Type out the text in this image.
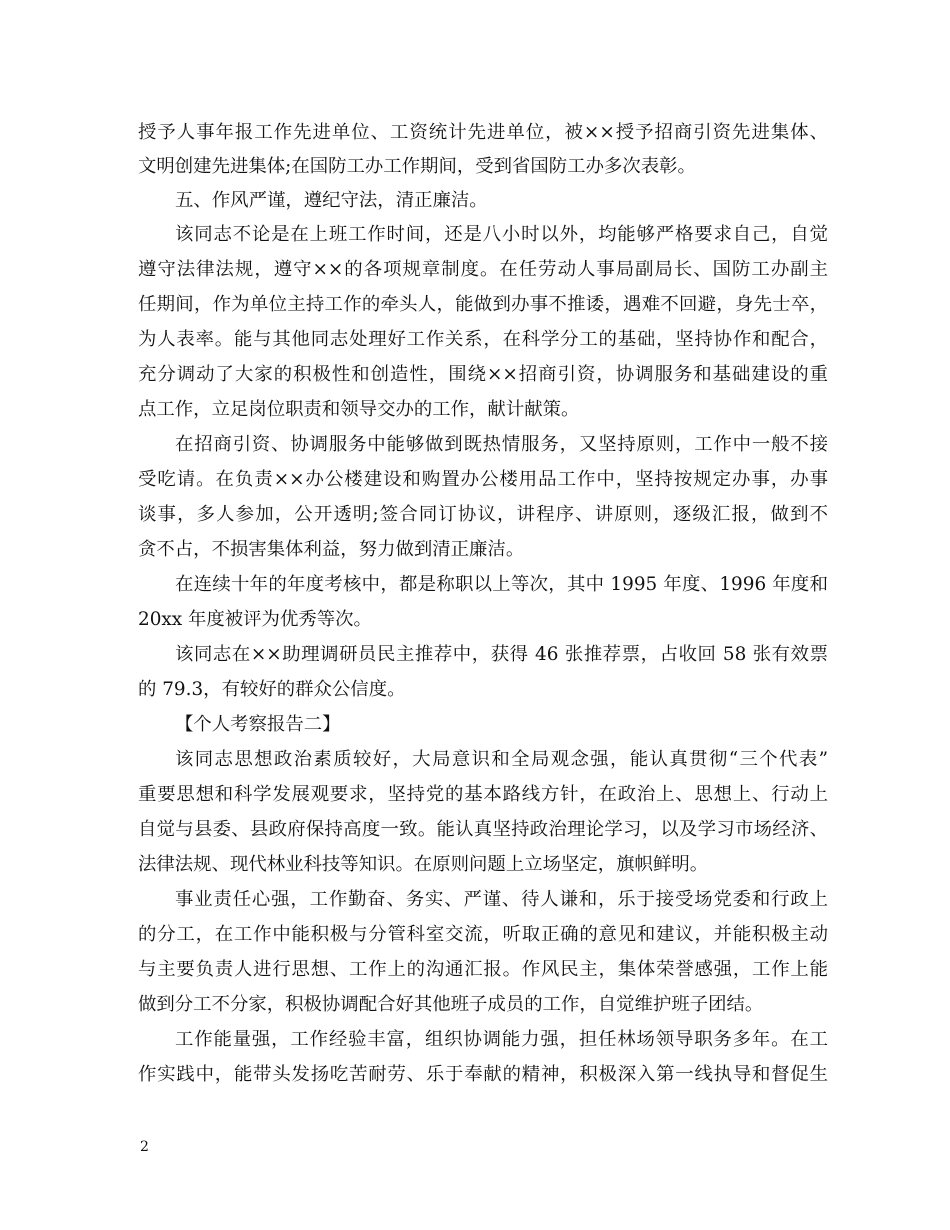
授予人事年报工作先进单位、工资统计先进单位，被××授予招商引资先进集体、
文明创建先进集体;在国防工办工作期间，受到省国防工办多次表彰。
五、作风严谨，遵纪守法，清正廉洁。
该同志不论是在上班工作时间，还是八小时以外，均能够严格要求自己，自觉
遵守法律法规，遵守××的各项规章制度。在任劳动人事局副局长、国防工办副主
任期间，作为单位主持工作的牵头人，能做到办事不推诿，遇难不回避，身先士卒，
为人表率。能与其他同志处理好工作关系，在科学分工的基础，坚持协作和配合，
充分调动了大家的积极性和创造性，围绕××招商引资，协调服务和基础建设的重
点工作，立足岗位职责和领导交办的工作，献计献策。
在招商引资、协调服务中能够做到既热情服务，又坚持原则，工作中一般不接
受吃请。在负责××办公楼建设和购置办公楼用品工作中，坚持按规定办事，办事
谈事，多人参加，公开透明;签合同订协议，讲程序、讲原则，逐级汇报，做到不
贪不占，不损害集体利益，努力做到清正廉洁。
在连续十年的年度考核中，都是称职以上等次，其中 1995 年度、1996 年度和
20xx 年度被评为优秀等次。
该同志在××助理调研员民主推荐中，获得 46 张推荐票，占收回 58 张有效票
的 79.3，有较好的群众公信度。
【个人考察报告二】
该同志思想政治素质较好，大局意识和全局观念强，能认真贯彻“三个代表”
重要思想和科学发展观要求，坚持党的基本路线方针，在政治上、思想上、行动上
自觉与县委、县政府保持高度一致。能认真坚持政治理论学习，以及学习市场经济、
法律法规、现代林业科技等知识。在原则问题上立场坚定，旗帜鲜明。
事业责任心强，工作勤奋、务实、严谨、待人谦和，乐于接受场党委和行政上
的分工，在工作中能积极与分管科室交流，听取正确的意见和建议，并能积极主动
与主要负责人进行思想、工作上的沟通汇报。作风民主，集体荣誉感强，工作上能
做到分工不分家，积极协调配合好其他班子成员的工作，自觉维护班子团结。
工作能量强，工作经验丰富，组织协调能力强，担任林场领导职务多年。在工
作实践中，能带头发扬吃苦耐劳、乐于奉献的精神，积极深入第一线执导和督促生
2
